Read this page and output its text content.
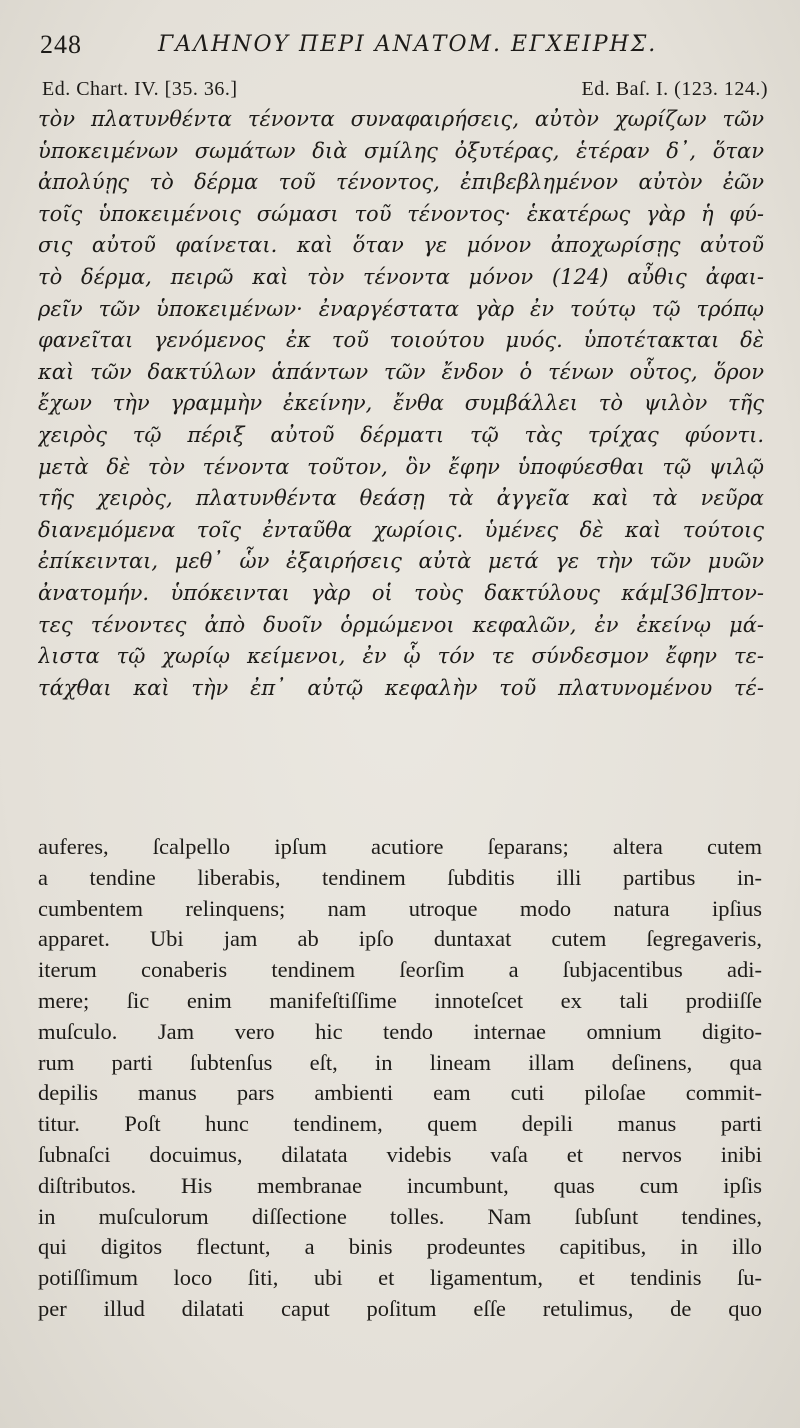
248	ΓΑΛΗΝΟΥ ΠΕΡΙ ΑΝΑΤΟΜ. ΕΓΧΕΙΡΗΣ.
Ed. Chart. IV. [35. 36.]	Ed. Baſ. I. (123. 124.)
τὸν πλατυνθέντα τένοντα συναφαιρήσεις, αὐτὸν χωρίζων τῶν
ὑποκειμένων σωμάτων διὰ σμίλης ὀξυτέρας, ἑτέραν δ᾽, ὅταν
ἀπολύῃς τὸ δέρμα τοῦ τένοντος, ἐπιβεβλημένον αὐτὸν ἐῶν
τοῖς ὑποκειμένοις σώμασι τοῦ τένοντος· ἑκατέρως γὰρ ἡ φύ-
σις αὐτοῦ φαίνεται. καὶ ὅταν γε μόνον ἀποχωρίσῃς αὐτοῦ
τὸ δέρμα, πειρῶ καὶ τὸν τένοντα μόνον (124) αὖθις ἀφαι-
ρεῖν τῶν ὑποκειμένων· ἐναργέστατα γὰρ ἐν τούτῳ τῷ τρόπῳ
φανεῖται γενόμενος ἐκ τοῦ τοιούτου μυός. ὑποτέτακται δὲ
καὶ τῶν δακτύλων ἁπάντων τῶν ἔνδον ὁ τένων οὗτος, ὅρον
ἔχων τὴν γραμμὴν ἐκείνην, ἔνθα συμβάλλει τὸ ψιλὸν τῆς
χειρὸς τῷ πέριξ αὐτοῦ δέρματι τῷ τὰς τρίχας φύοντι.
μετὰ δὲ τὸν τένοντα τοῦτον, ὃν ἔφην ὑποφύεσθαι τῷ ψιλῷ
τῆς χειρὸς, πλατυνθέντα θεάσῃ τὰ ἀγγεῖα καὶ τὰ νεῦρα
διανεμόμενα τοῖς ἐνταῦθα χωρίοις. ὑμένες δὲ καὶ τούτοις
ἐπίκεινται, μεθ᾽ ὧν ἐξαιρήσεις αὐτὰ μετά γε τὴν τῶν μυῶν
ἀνατομήν. ὑπόκεινται γὰρ οἱ τοὺς δακτύλους κάμ[36]πτον-
τες τένοντες ἀπὸ δυοῖν ὁρμώμενοι κεφαλῶν, ἐν ἐκείνῳ μά-
λιστα τῷ χωρίῳ κείμενοι, ἐν ᾧ τόν τε σύνδεσμον ἔφην τε-
τάχθαι καὶ τὴν ἐπ᾽ αὐτῷ κεφαλὴν τοῦ πλατυνομένου τέ-
auferes, ſcalpello ipſum acutiore ſeparans; altera cutem
a tendine liberabis, tendinem ſubditis illi partibus in-
cumbentem relinquens; nam utroque modo natura ipſius
apparet. Ubi jam ab ipſo duntaxat cutem ſegregaveris,
iterum conaberis tendinem ſeorſim a ſubjacentibus adi-
mere; ſic enim manifeſtiſſime innoteſcet ex tali prodiiſſe
muſculo. Jam vero hic tendo internae omnium digito-
rum parti ſubtenſus eſt, in lineam illam deſinens, qua
depilis manus pars ambienti eam cuti piloſae commit-
titur. Poſt hunc tendinem, quem depili manus parti
ſubnaſci docuimus, dilatata videbis vaſa et nervos inibi
diſtributos. His membranae incumbunt, quas cum ipſis
in muſculorum diſſectione tolles. Nam ſubſunt tendines,
qui digitos flectunt, a binis prodeuntes capitibus, in illo
potiſſimum loco ſiti, ubi et ligamentum, et tendinis ſu-
per illud dilatati caput poſitum eſſe retulimus, de quo
